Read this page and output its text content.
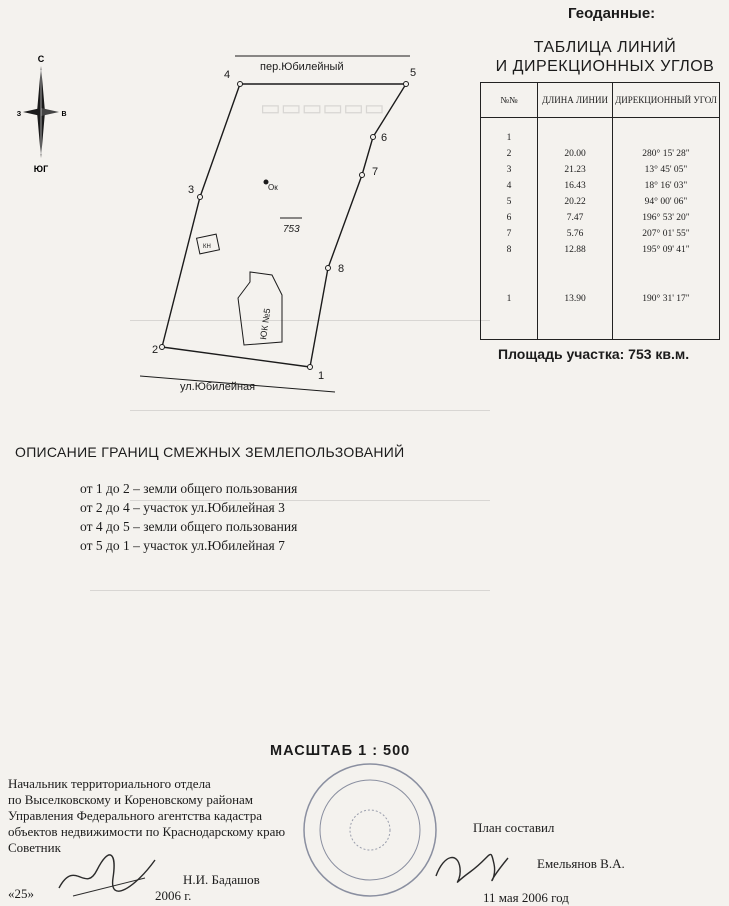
▭▭▭▭▭▭
Геоданные:
ТАБЛИЦА ЛИНИЙ
И ДИРЕКЦИОННЫХ УГЛОВ
№№	ДЛИНА ЛИНИИ	ДИРЕКЦИОННЫЙ УГОЛ

1		
2	20.00	280° 15' 28"
3	21.23	13° 45' 05"
4	16.43	18° 16' 03"
5	20.22	94° 00' 06"
6	7.47	196° 53' 20"
7	5.76	207° 01' 55"
8	12.88	195° 09' 41"
1	13.90	190° 31' 17"
Площадь участка: 753 кв.м.
С
З	В
ЮГ
пер.Юбилейный
КН
ЮК №5
Ок
753
1
2
3
4	5
6
7
8
ул.Юбилейная
ОПИСАНИЕ ГРАНИЦ СМЕЖНЫХ ЗЕМЛЕПОЛЬЗОВАНИЙ
от 1 до 2 – земли общего пользования
от 2 до 4 – участок ул.Юбилейная 3
от 4 до 5 – земли общего пользования
от 5 до 1 – участок ул.Юбилейная 7
МАСШТАБ 1 : 500
Начальник территориального отдела
по Выселковскому и Кореновскому районам
Управления Федерального агентства кадастра
объектов недвижимости по Краснодарскому краю
Советник
Н.И. Бадашов
«25»	2006 г.
План составил
Емельянов В.А.
11 мая 2006 год
